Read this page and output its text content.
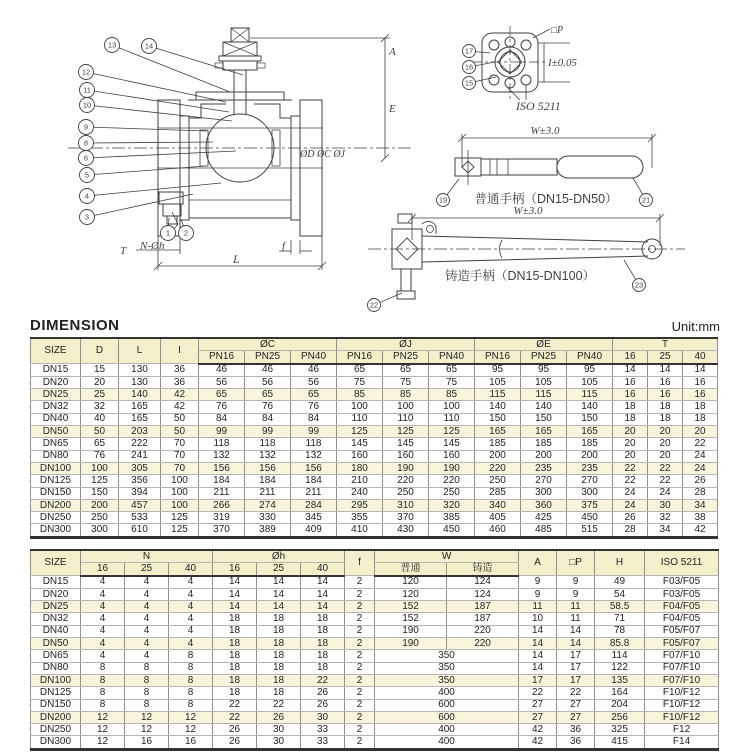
A
E
ØD ØC ØJ
T	f
L
N-Øh
13	14
12
11
10
9
8
6
5
4
3
1 2
□P
I±0.05
ISO 5211
17
16
15
W±3.0
普通手柄（DN15-DN50）
19	21
W±3.0
铸造手柄（DN15-DN100）
22
23
DIMENSION	Unit:mm
SIZE	D	L	I	ØC			ØJ			ØE			T		
				PN16	PN25	PN40	PN16	PN25	PN40	PN16	PN25	PN40	16	25	40
DN15	15	130	36	46	46	46	65	65	65	95	95	95	14	14	14
DN20	20	130	36	56	56	56	75	75	75	105	105	105	16	16	16
DN25	25	140	42	65	65	65	85	85	85	115	115	115	16	16	16
DN32	32	165	42	76	76	76	100	100	100	140	140	140	18	18	18
DN40	40	165	50	84	84	84	110	110	110	150	150	150	18	18	18
DN50	50	203	50	99	99	99	125	125	125	165	165	165	20	20	20
DN65	65	222	70	118	118	118	145	145	145	185	185	185	20	20	22
DN80	76	241	70	132	132	132	160	160	160	200	200	200	20	20	24
DN100	100	305	70	156	156	156	180	190	190	220	235	235	22	22	24
DN125	125	356	100	184	184	184	210	220	220	250	270	270	22	22	26
DN150	150	394	100	211	211	211	240	250	250	285	300	300	24	24	28
DN200	200	457	100	266	274	284	295	310	320	340	360	375	24	30	34
DN250	250	533	125	319	330	345	355	370	385	405	425	450	26	32	38
DN300	300	610	125	370	389	409	410	430	450	460	485	515	28	34	42
SIZE	N			Øh			f	W		A	□P	H	ISO 5211
	16	25	40	16	25	40		普通	铸造				
DN15	4	4	4	14	14	14	2	120	124	9	9	49	F03/F05
DN20	4	4	4	14	14	14	2	120	124	9	9	54	F03/F05
DN25	4	4	4	14	14	14	2	152	187	11	11	58.5	F04/F05
DN32	4	4	4	18	18	18	2	152	187	10	11	71	F04/F05
DN40	4	4	4	18	18	18	2	190	220	14	14	78	F05/F07
DN50	4	4	4	18	18	18	2	190	220	14	14	85.8	F05/F07
DN65	4	4	8	18	18	18	2	350		14	17	114	F07/F10
DN80	8	8	8	18	18	18	2	350		14	17	122	F07/F10
DN100	8	8	8	18	18	22	2	350		17	17	135	F07/F10
DN125	8	8	8	18	18	26	2	400		22	22	164	F10/F12
DN150	8	8	8	22	22	26	2	600		27	27	204	F10/F12
DN200	12	12	12	22	26	30	2	600		27	27	256	F10/F12
DN250	12	12	12	26	30	33	2	400		42	36	325	F12
DN300	12	16	16	26	30	33	2	400		42	36	415	F14
